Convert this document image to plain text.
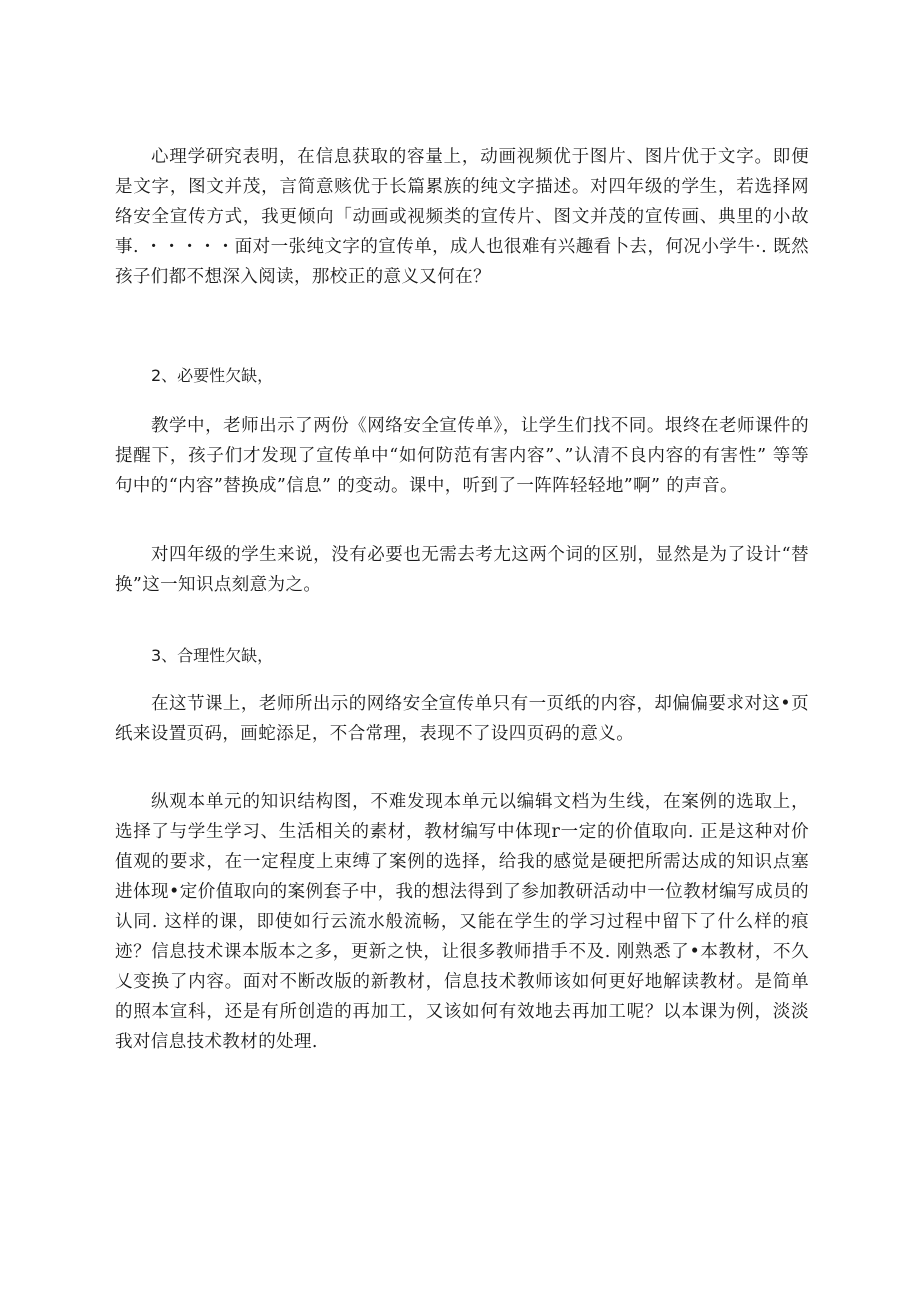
心理学研究表明，在信息获取的容量上，动画视频优于图片、图片优于文字。即便是文字，图文并茂，言简意赅优于长篇累族的纯文字描述。对四年级的学生，若选择网络安全宣传方式，我更倾向「动画或视频类的宣传片、图文并茂的宣传画、典里的小故事. ・・・・・面对一张纯文字的宣传单，成人也很难有兴趣看卜去，何况小学牛·. 既然孩子们都不想深入阅读，那校正的意义又何在？

2、必要性欠缺，

教学中，老师出示了两份《网络安全宣传单》，让学生们找不同。垠终在老师课件的提醒下，孩子们才发现了宣传单中“如何防范有害内容”、”认清不良内容的有害性” 等等句中的“内容”替换成”信息” 的变动。课中，听到了一阵阵轻轻地”啊” 的声音。

对四年级的学生来说，没有必要也无需去考尢这两个词的区别，显然是为了设计“替换”这一知识点刻意为之。

3、合理性欠缺，

在这节课上，老师所出示的网络安全宣传单只有一页纸的内容，却偏偏要求对这•页纸来设置页码，画蛇添足，不合常理，表现不了设四页码的意义。

纵观本单元的知识结构图，不难发现本单元以编辑文档为生线，在案例的选取上，选择了与学生学习、生活相关的素材，教材编写中体现r一定的价值取向. 正是这种对价值观的要求，在一定程度上束缚了案例的选择，给我的感觉是硬把所需达成的知识点塞进体现•定价值取向的案例套子中，我的想法得到了参加教研活动中一位教材编写成员的认同. 这样的课，即使如行云流水般流畅，又能在学生的学习过程中留下了什么样的痕迹？信息技术课本版本之多，更新之快，让很多教师措手不及. 刚熟悉了•本教材，不久乂变换了内容。面对不断改版的新教材，信息技术教师该如何更好地解读教材。是简单的照本宣科，还是有所创造的再加工，又该如何有效地去再加工呢？以本课为例，淡淡我对信息技术教材的处理.
